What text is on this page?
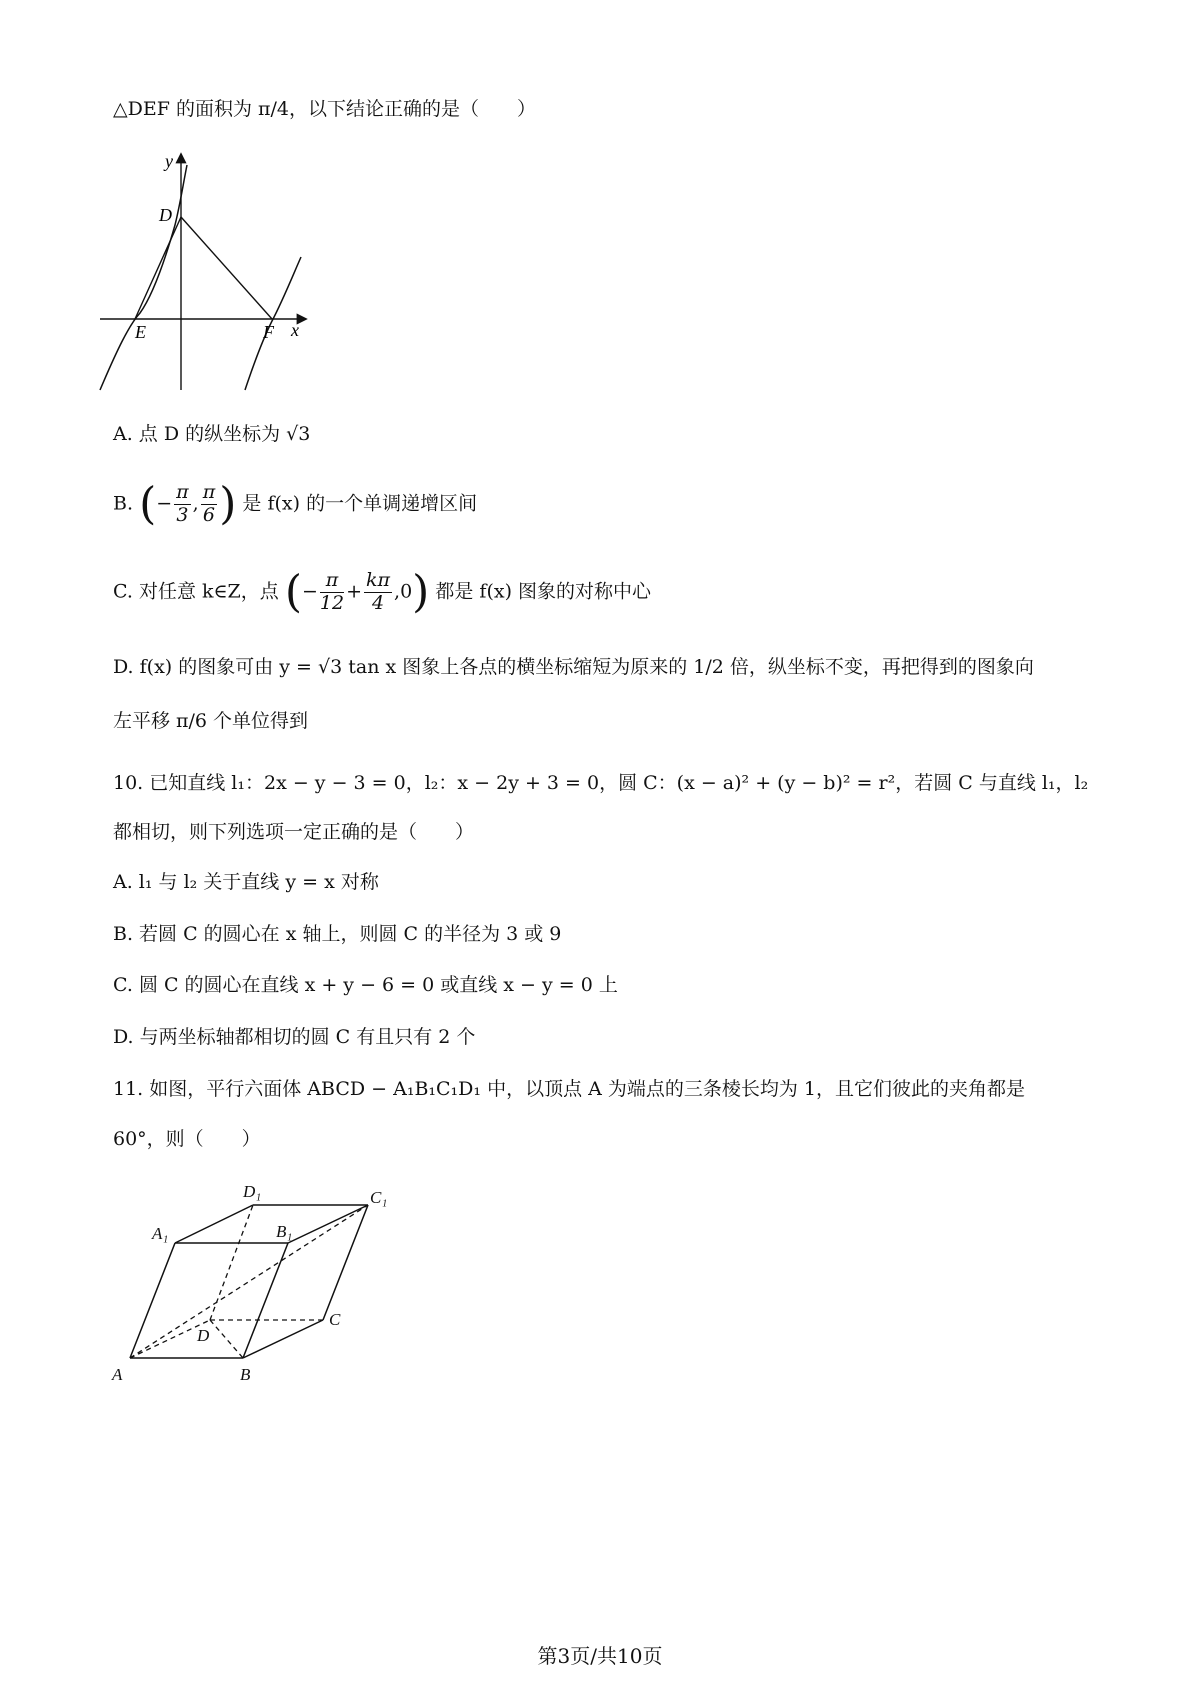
△DEF 的面积为 π/4，以下结论正确的是（　　）
y
D
E	F x
A. 点 D 的纵坐标为 √3
B. (− $\frac{\pi}{3}$ , $\frac{\pi}{6}$ ) 是 f(x) 的一个单调递增区间
C. 对任意 k∈Z，点 (− $\frac{\pi}{12} + \frac{k\pi}{4} ,0$) 都是 f(x) 图象的对称中心
D. f(x) 的图象可由 y = √3 tan x 图象上各点的横坐标缩短为原来的 1/2 倍，纵坐标不变，再把得到的图象向
左平移 π/6 个单位得到
10. 已知直线 l₁：2x − y − 3 = 0，l₂：x − 2y + 3 = 0，圆 C：(x − a)² + (y − b)² = r²，若圆 C 与直线 l₁，l₂
都相切，则下列选项一定正确的是（　　）
A. l₁ 与 l₂ 关于直线 y = x 对称
B. 若圆 C 的圆心在 x 轴上，则圆 C 的半径为 3 或 9
C. 圆 C 的圆心在直线 x + y − 6 = 0 或直线 x − y = 0 上
D. 与两坐标轴都相切的圆 C 有且只有 2 个
11. 如图，平行六面体 ABCD − A₁B₁C₁D₁ 中，以顶点 A 为端点的三条棱长均为 1，且它们彼此的夹角都是
60°，则（　　）
A	B
C
D
A₁	B₁
C₁
D₁
第3页/共10页
